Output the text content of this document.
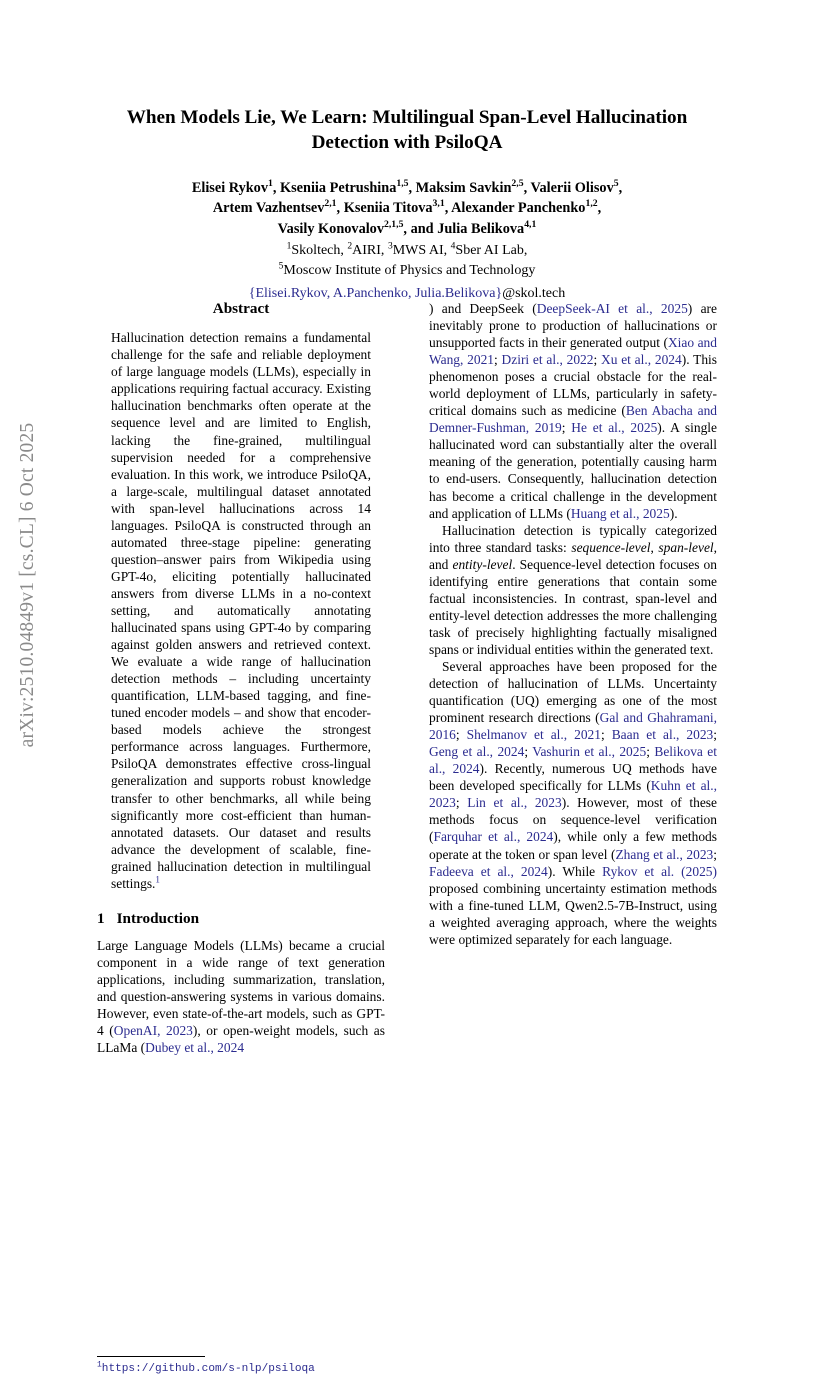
arXiv:2510.04849v1 [cs.CL] 6 Oct 2025
When Models Lie, We Learn: Multilingual Span-Level Hallucination Detection with PsiloQA
Elisei Rykov$^1$, Kseniia Petrushina$^{1,5}$, Maksim Savkin$^{2,5}$, Valerii Olisov$^5$,
Artem Vazhentsev$^{2,1}$, Kseniia Titova$^{3,1}$, Alexander Panchenko$^{1,2}$,
Vasily Konovalov$^{2,1,5}$, and Julia Belikova$^{4,1}$
$^1$Skoltech, $^2$AIRI, $^3$MWS AI, $^4$Sber AI Lab,
$^5$Moscow Institute of Physics and Technology
{Elisei.Rykov, A.Panchenko, Julia.Belikova}@skol.tech
Abstract

Hallucination detection remains a fundamental challenge for the safe and reliable deployment of large language models (LLMs), especially in applications requiring factual accuracy. Existing hallucination benchmarks often operate at the sequence level and are limited to English, lacking the fine-grained, multilingual supervision needed for a comprehensive evaluation. In this work, we introduce PsiloQA, a large-scale, multilingual dataset annotated with span-level hallucinations across 14 languages. PsiloQA is constructed through an automated three-stage pipeline: generating question–answer pairs from Wikipedia using GPT-4o, eliciting potentially hallucinated answers from diverse LLMs in a no-context setting, and automatically annotating hallucinated spans using GPT-4o by comparing against golden answers and retrieved context. We evaluate a wide range of hallucination detection methods – including uncertainty quantification, LLM-based tagging, and fine-tuned encoder models – and show that encoder-based models achieve the strongest performance across languages. Furthermore, PsiloQA demonstrates effective cross-lingual generalization and supports robust knowledge transfer to other benchmarks, all while being significantly more cost-efficient than human-annotated datasets. Our dataset and results advance the development of scalable, fine-grained hallucination detection in multilingual settings.$^1$

1 Introduction

Large Language Models (LLMs) became a crucial component in a wide range of text generation applications, including summarization, translation, and question-answering systems in various domains. However, even state-of-the-art models, such as GPT-4 (OpenAI, 2023), or open-weight models, such as LLaMa (Dubey et al., 2024

) and DeepSeek (DeepSeek-AI et al., 2025) are inevitably prone to production of hallucinations or unsupported facts in their generated output (Xiao and Wang, 2021; Dziri et al., 2022; Xu et al., 2024). This phenomenon poses a crucial obstacle for the real-world deployment of LLMs, particularly in safety-critical domains such as medicine (Ben Abacha and Demner-Fushman, 2019; He et al., 2025). A single hallucinated word can substantially alter the overall meaning of the generation, potentially causing harm to end-users. Consequently, hallucination detection has become a critical challenge in the development and application of LLMs (Huang et al., 2025).

Hallucination detection is typically categorized into three standard tasks: sequence-level, span-level, and entity-level. Sequence-level detection focuses on identifying entire generations that contain some factual inconsistencies. In contrast, span-level and entity-level detection addresses the more challenging task of precisely highlighting factually misaligned spans or individual entities within the generated text.

Several approaches have been proposed for the detection of hallucination of LLMs. Uncertainty quantification (UQ) emerging as one of the most prominent research directions (Gal and Ghahramani, 2016; Shelmanov et al., 2021; Baan et al., 2023; Geng et al., 2024; Vashurin et al., 2025; Belikova et al., 2024). Recently, numerous UQ methods have been developed specifically for LLMs (Kuhn et al., 2023; Lin et al., 2023). However, most of these methods focus on sequence-level verification (Farquhar et al., 2024), while only a few methods operate at the token or span level (Zhang et al., 2023; Fadeeva et al., 2024). While Rykov et al. (2025) proposed combining uncertainty estimation methods with a fine-tuned LLM, Qwen2.5-7B-Instruct, using a weighted averaging approach, where the weights were optimized separately for each language.

$^1$https://github.com/s-nlp/psiloqa
